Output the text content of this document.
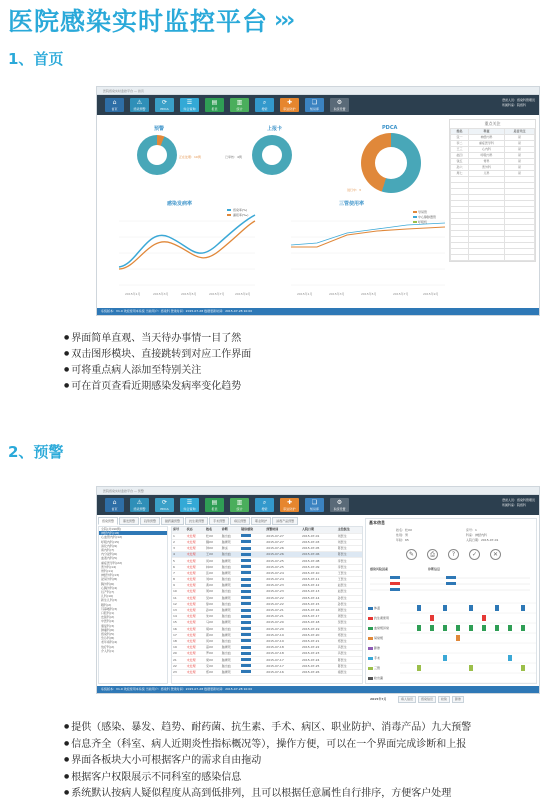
医院感染实时监控平台 ›››
1、首页
医院感染实时监控平台 — 首页
⌂
首页
⚠
感染预警
⟳
PDCA
☰
综合查询
▤
报表
▥
统计
⌕
搜索
✚
职业防护
❏
知识库
⚙
系统设置
登录人员：感染科管理员
所属科室：院感科
预警
正在处理：10例
上报卡
已审核：4例
PDCA
进行中：3
感染发病率
2015年1月	2015年3月	2015年5月	2015年7月	2015年9月
感染率(%)
漏报率(‰)
三管使用率
2015年1月	2015年3月	2015年5月	2015年7月	2015年9月
导尿管
中心静脉置管
呼吸机
重点关注
姓名	科室	是否关注
张一	神经内科	是
李二	重症医学科	是
王三	心内科	是
赵四	呼吸内科	是
钱五	骨科	是
孙六	普外科	是
周七	儿科	是

系统版本：V1.0 欢迎使用本系统 当前用户：感染科 登录时间：2015-07-28 数据更新时间：2015-07-28 10:00
● 界面简单直观、当天待办事情一目了然
● 双击图形模块、直接跳转到对应工作界面
● 可将重点病人添加至特别关注
● 可在首页查看近期感染发病率变化趋势
2、预警
医院感染实时监控平台 — 预警
⌂
首页
⚠
感染预警
⟳
PDCA
☰
综合查询
▤
报表
▥
统计
⌕
搜索
✚
职业防护
❏
知识库
⚙
系统设置
登录人员：感染科管理员
所属科室：院感科
感染预警	暴发预警	趋势预警	耐药菌预警	抗生素预警	手术预警	病区预警	职业防护	消毒产品预警
全院(共190例)
神经内科(18)
心血管内科(12)
呼吸内科(15)
消化内科(9)
肾内科(7)
内分泌科(6)
血液内科(5)
重症医学科(22)
普外科(14)
骨科(11)
神经外科(13)
泌尿外科(8)
胸外科(6)
心胸外科(4)
妇产科(7)
儿科(10)
新生儿科(3)
眼科(2)
耳鼻喉科(3)
口腔科(1)
皮肤科(2)
中医科(4)
康复科(3)
肿瘤科(6)
感染科(5)
急诊科(8)
老年病科(4)
放疗科(2)
介入科(1)
床号	状态	姓名	诊断	疑似感染	预警时间	入院日期	主治医生
1	未处理	杜XX	脑出血		2015-07-27	2015-07-01	刘医生
2	未处理	魏XX	脑梗死		2015-07-27	2015-07-03	刘医生
3	未处理	钟XX	肺炎		2015-07-26	2015-07-05	陈医生
4	未处理	王XX	脑出血		2015-07-26	2015-07-06	陈医生
5	未处理	何XX	脑梗死		2015-07-25	2015-07-08	李医生
6	未处理	林XX	脑出血		2015-07-25	2015-07-09	李医生
7	未处理	张XX	脑梗死		2015-07-24	2015-07-10	王医生
8	未处理	刘XX	脑出血		2015-07-24	2015-07-11	王医生
9	未处理	黄XX	脑梗死		2015-07-23	2015-07-12	赵医生
10	未处理	周XX	脑出血		2015-07-23	2015-07-13	赵医生
11	未处理	吴XX	脑梗死		2015-07-22	2015-07-14	孙医生
12	未处理	徐XX	脑出血		2015-07-22	2015-07-15	孙医生
13	未处理	孙XX	脑梗死		2015-07-21	2015-07-16	周医生
14	未处理	朱XX	脑出血		2015-07-21	2015-07-17	周医生
15	未处理	马XX	脑梗死		2015-07-20	2015-07-18	吴医生
16	未处理	胡XX	脑出血		2015-07-20	2015-07-19	吴医生
17	未处理	郭XX	脑梗死		2015-07-19	2015-07-20	郑医生
18	未处理	何XX	脑出血		2015-07-19	2015-07-21	郑医生
19	未处理	高XX	脑梗死		2015-07-18	2015-07-22	冯医生
20	未处理	罗XX	脑出血		2015-07-18	2015-07-23	冯医生
21	未处理	梁XX	脑梗死		2015-07-17	2015-07-24	陈医生
22	未处理	宋XX	脑出血		2015-07-17	2015-07-25	陈医生
23	未处理	郑XX	脑梗死		2015-07-16	2015-07-26	褚医生
基本信息
姓名：杜XX
性别：男
年龄：65
床号：1
科室：神经内科
入院日期：2015-07-01
✎	⎙	?	✓	✕
感染风险因素	诊断信息
体温
抗生素使用
血常规异常
尿常规
影像
手术
三管
检出菌
2015年7月	病人信息	感染信息	检验	影像
系统版本：V1.0 欢迎使用本系统 当前用户：感染科 登录时间：2015-07-28 数据更新时间：2015-07-28 10:00
● 提供（感染、暴发、趋势、耐药菌、抗生素、手术、病区、职业防护、消毒产品）九大预警
● 信息齐全（科室、病人近期炎性指标概况等），操作方便，可以在一个界面完成诊断和上报
● 界面各板块大小可根据客户的需求自由拖动
● 根据客户权限展示不同科室的感染信息
● 系统默认按病人疑似程度从高到低排列，且可以根据任意属性自行排序，方便客户处理
